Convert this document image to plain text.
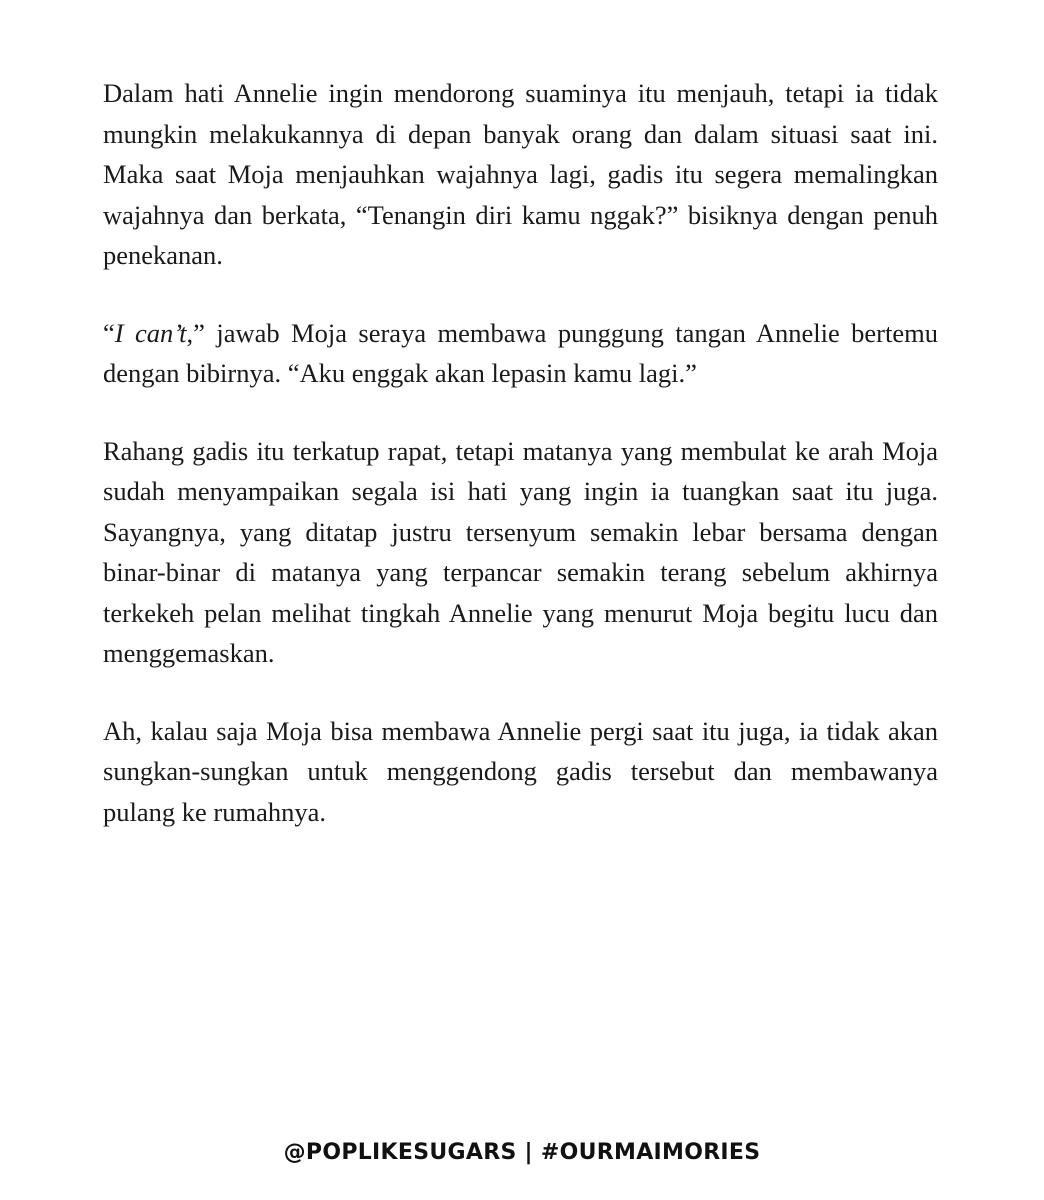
Dalam hati Annelie ingin mendorong suaminya itu menjauh, tetapi ia tidak mungkin melakukannya di depan banyak orang dan dalam situasi saat ini. Maka saat Moja menjauhkan wajahnya lagi, gadis itu segera memalingkan wajahnya dan berkata, “Tenangin diri kamu nggak?” bisiknya dengan penuh penekanan.

“I can’t,” jawab Moja seraya membawa punggung tangan Annelie bertemu dengan bibirnya. “Aku enggak akan lepasin kamu lagi.”

Rahang gadis itu terkatup rapat, tetapi matanya yang membulat ke arah Moja sudah menyampaikan segala isi hati yang ingin ia tuangkan saat itu juga. Sayangnya, yang ditatap justru tersenyum semakin lebar bersama dengan binar-binar di matanya yang terpancar semakin terang sebelum akhirnya terkekeh pelan melihat tingkah Annelie yang menurut Moja begitu lucu dan menggemaskan.

Ah, kalau saja Moja bisa membawa Annelie pergi saat itu juga, ia tidak akan sungkan-sungkan untuk menggendong gadis tersebut dan membawanya pulang ke rumahnya.

@POPLIKESUGARS | #OURMAIMORIES
